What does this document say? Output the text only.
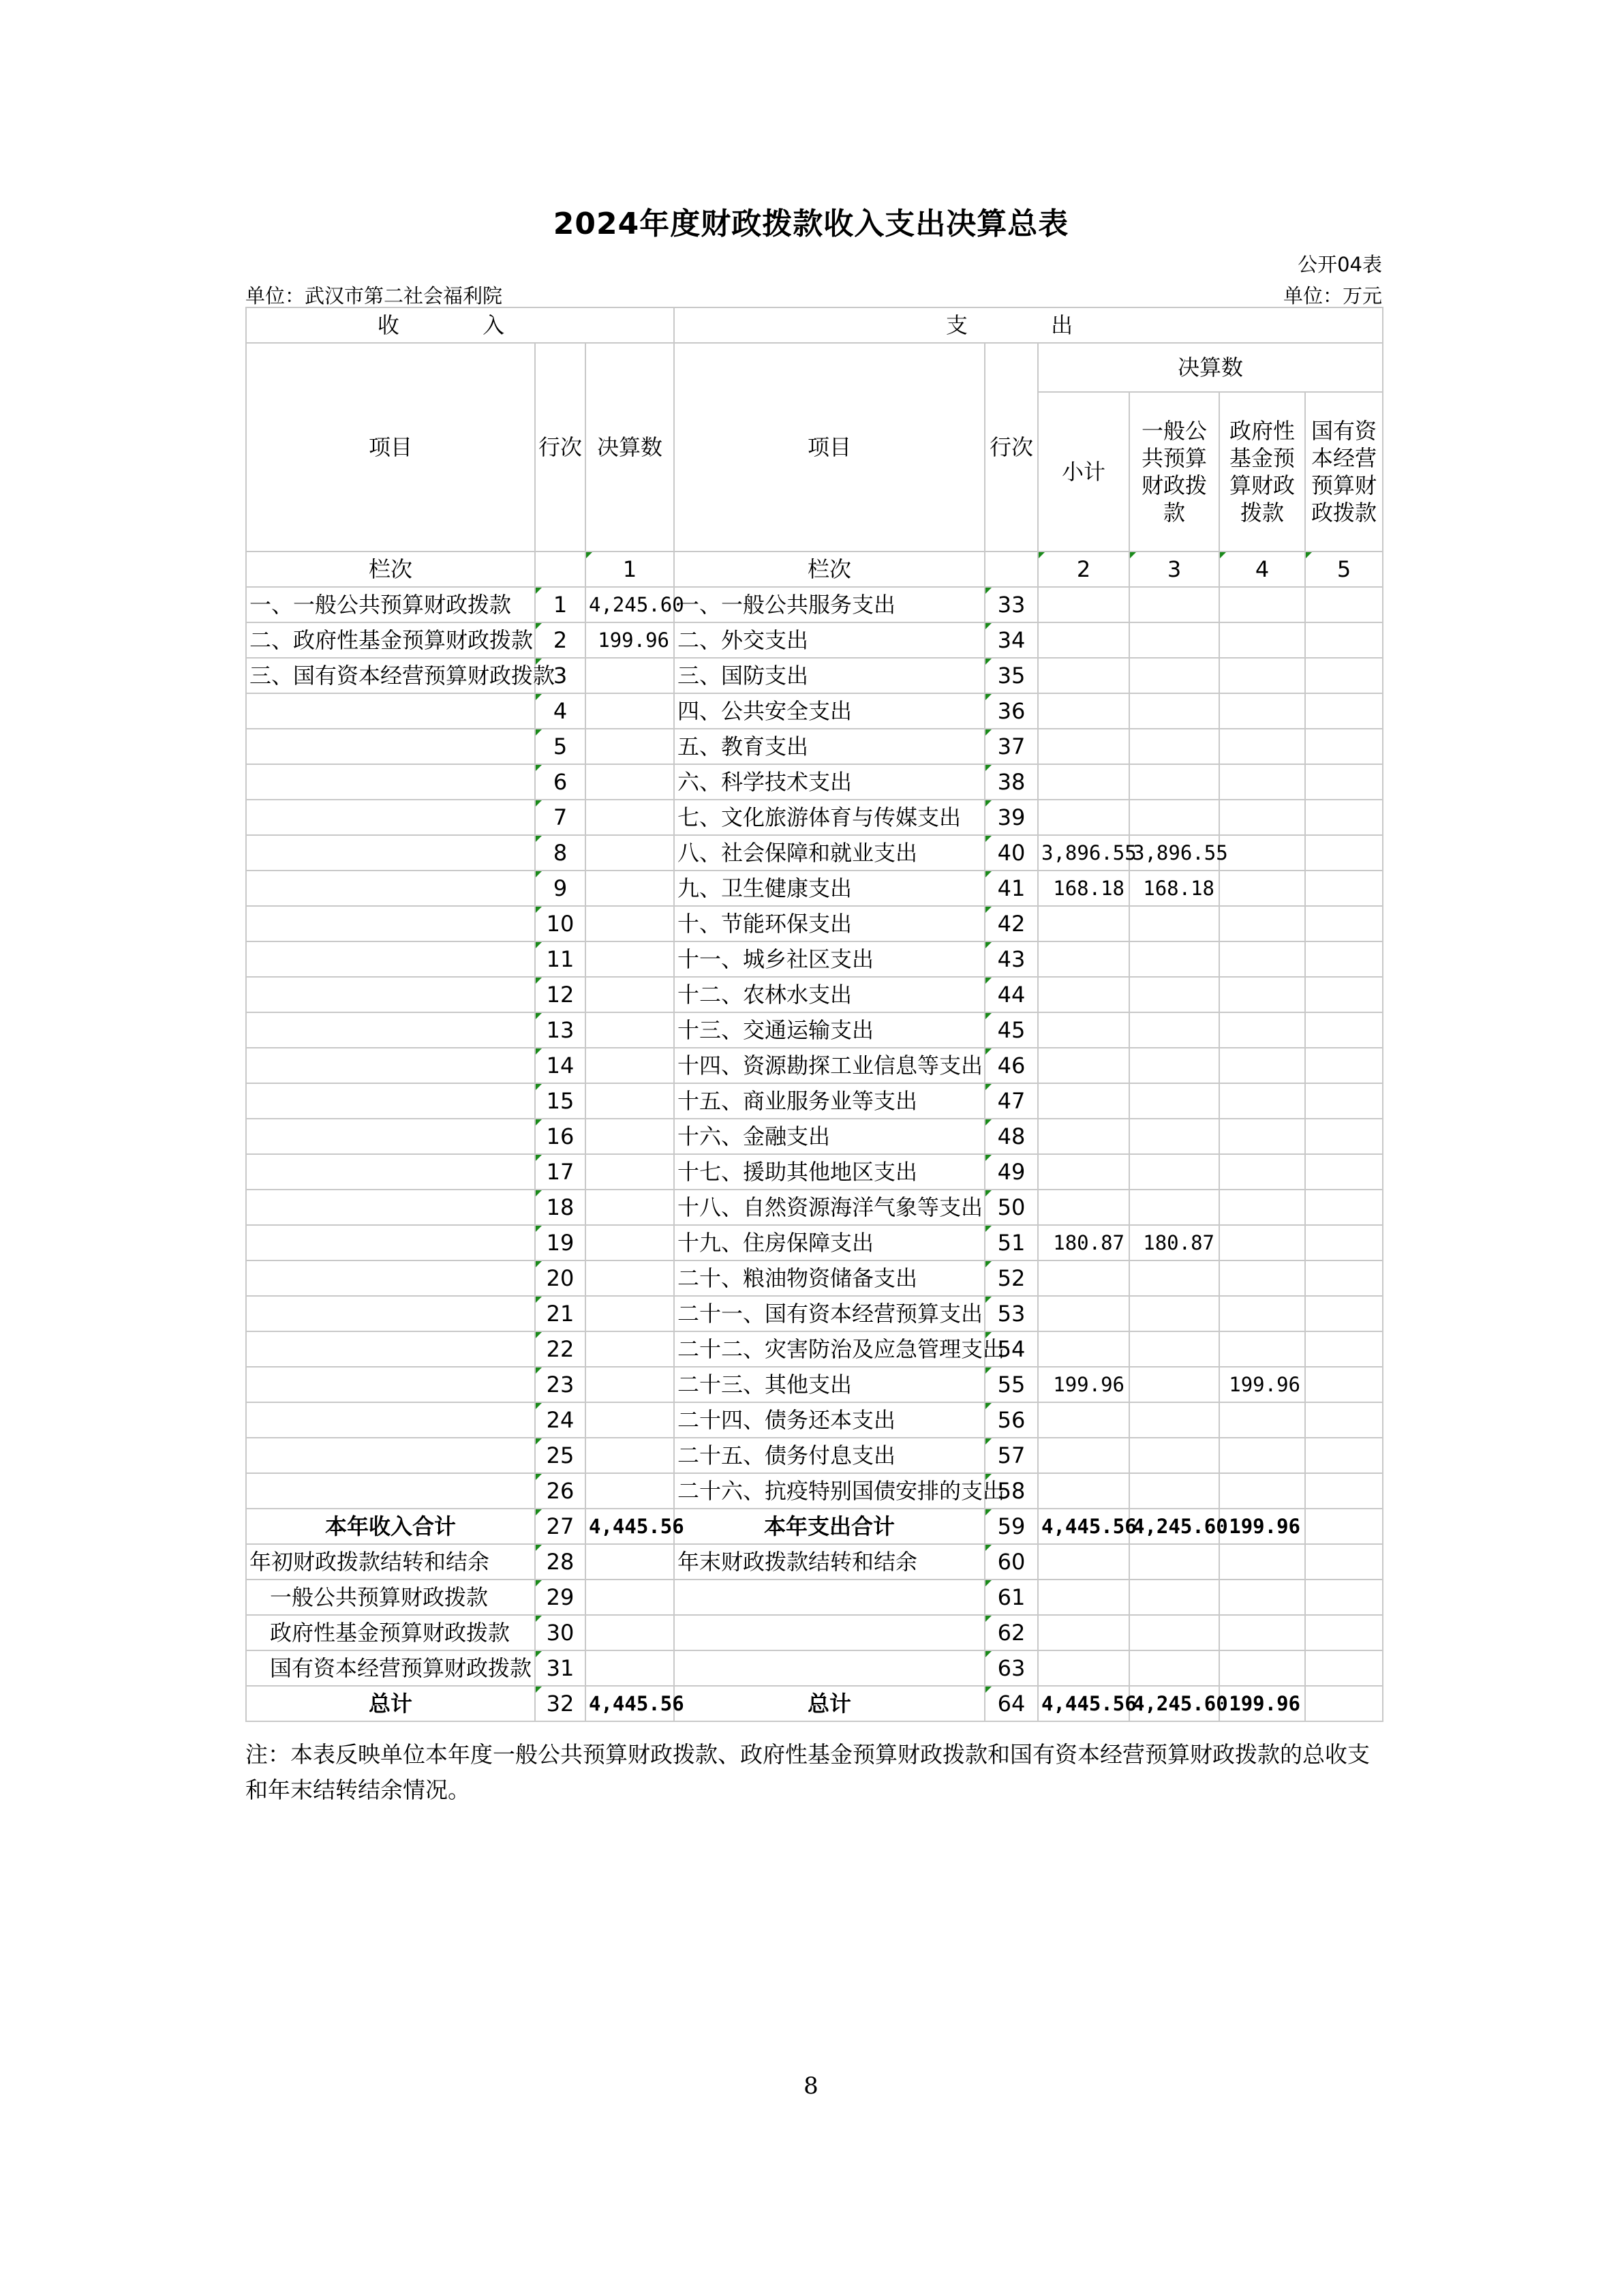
2024年度财政拨款收入支出决算总表
公开04表
单位：武汉市第二社会福利院	单位：万元
收 入			支 出					
项目	行次	决算数	项目	行次	决算数			
					小计	一般公共预算财政拨款	政府性基金预算财政拨款	国有资本经营预算财政拨款
栏次		1	栏次		2	3	4	5
一、一般公共预算财政拨款	1	4,245.60	一、一般公共服务支出	33				
二、政府性基金预算财政拨款	2	199.96	二、外交支出	34				
三、国有资本经营预算财政拨款	3		三、国防支出	35				
	4		四、公共安全支出	36				
	5		五、教育支出	37				
	6		六、科学技术支出	38				
	7		七、文化旅游体育与传媒支出	39				
	8		八、社会保障和就业支出	40	3,896.55	3,896.55		
	9		九、卫生健康支出	41	168.18	168.18		
	10		十、节能环保支出	42				
	11		十一、城乡社区支出	43				
	12		十二、农林水支出	44				
	13		十三、交通运输支出	45				
	14		十四、资源勘探工业信息等支出	46				
	15		十五、商业服务业等支出	47				
	16		十六、金融支出	48				
	17		十七、援助其他地区支出	49				
	18		十八、自然资源海洋气象等支出	50				
	19		十九、住房保障支出	51	180.87	180.87		
	20		二十、粮油物资储备支出	52				
	21		二十一、国有资本经营预算支出	53				
	22		二十二、灾害防治及应急管理支出	54				
	23		二十三、其他支出	55	199.96		199.96	
	24		二十四、债务还本支出	56				
	25		二十五、债务付息支出	57				
	26		二十六、抗疫特别国债安排的支出	58				
本年收入合计	27	4,445.56	本年支出合计	59	4,445.56	4,245.60	199.96	
年初财政拨款结转和结余	28		年末财政拨款结转和结余	60				
一般公共预算财政拨款	29			61				
政府性基金预算财政拨款	30			62				
国有资本经营预算财政拨款	31			63				
总计	32	4,445.56	总计	64	4,445.56	4,245.60	199.96	
注：本表反映单位本年度一般公共预算财政拨款、政府性基金预算财政拨款和国有资本经营预算财政拨款的总收支和年末结转结余情况。
8
